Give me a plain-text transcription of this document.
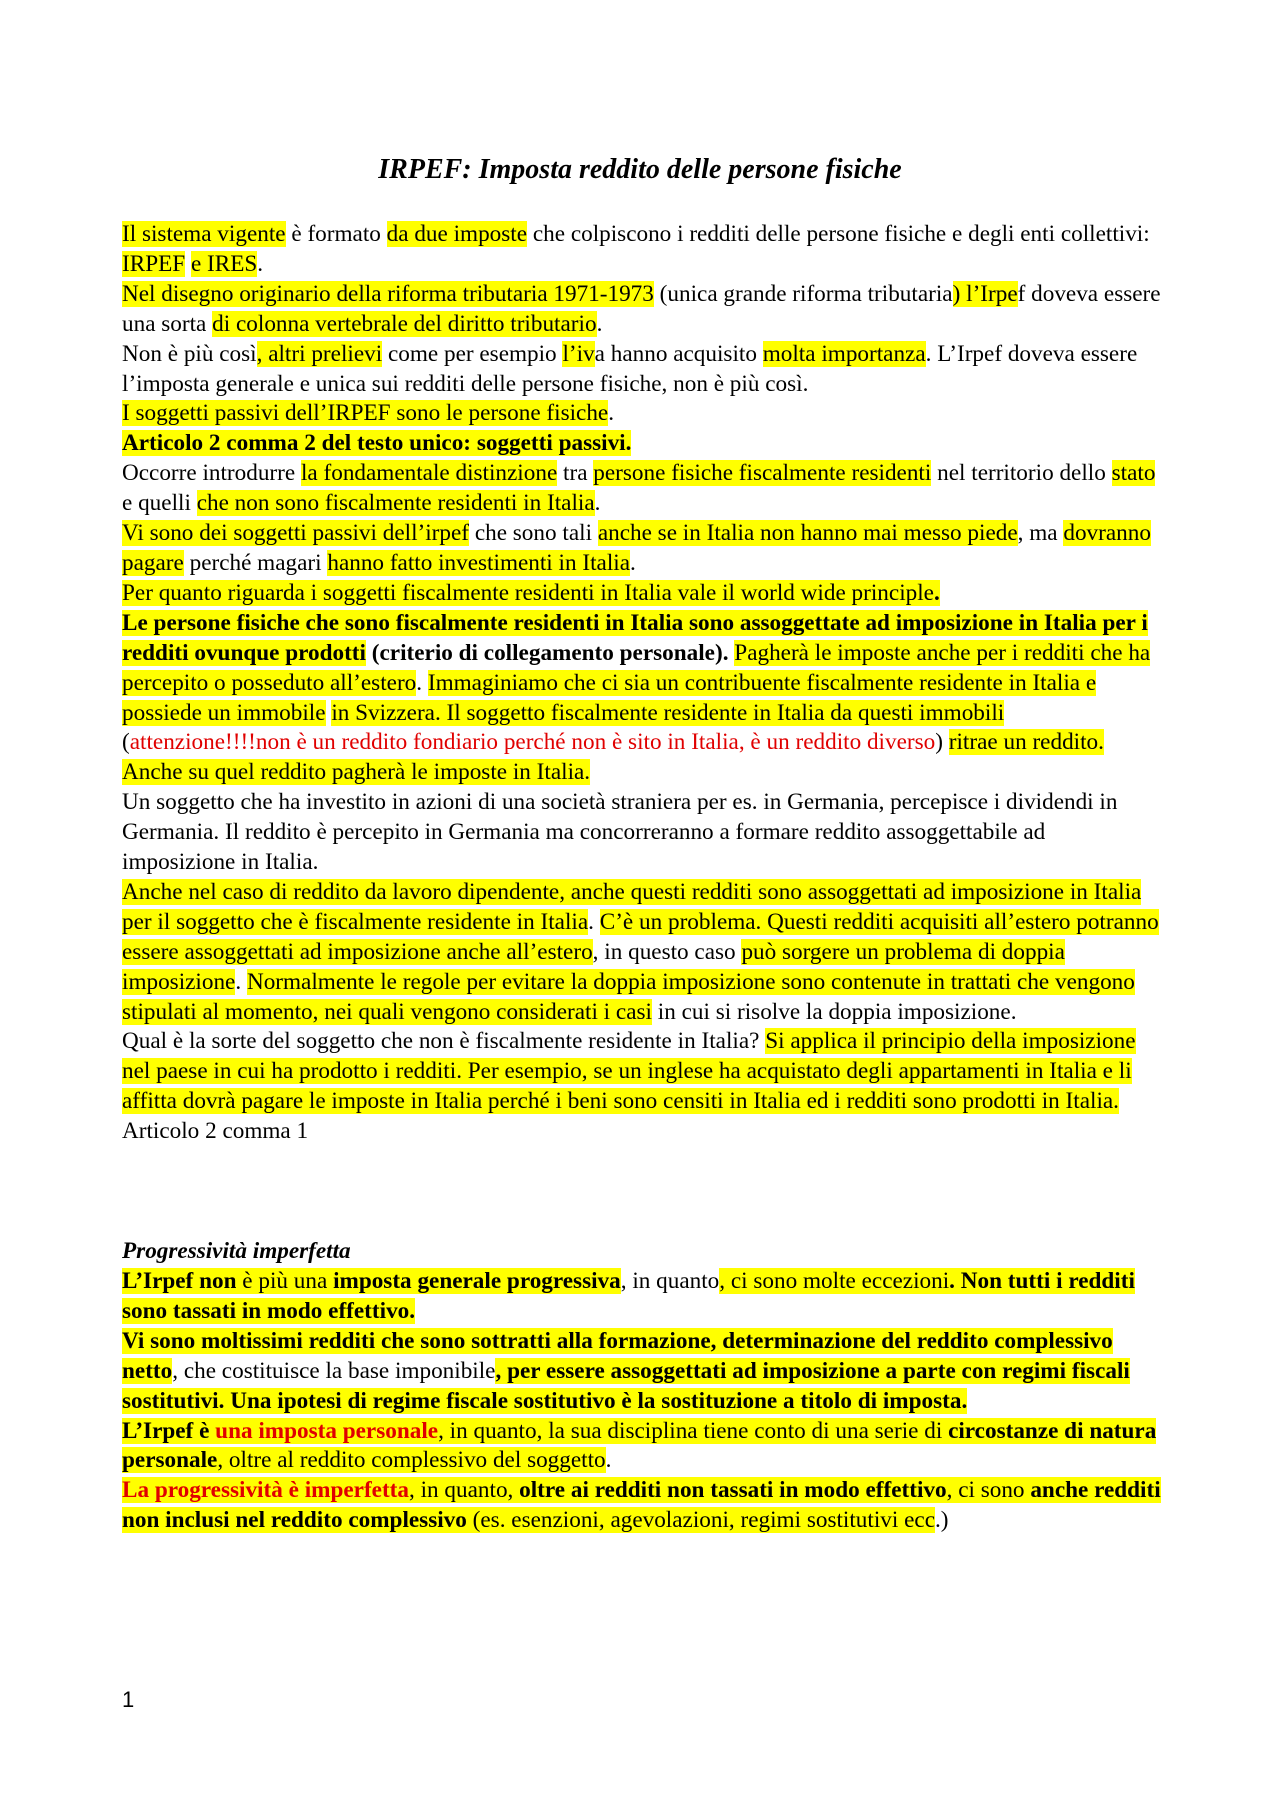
IRPEF: Imposta reddito delle persone fisiche

Il sistema vigente è formato da due imposte che colpiscono i redditi delle persone fisiche e degli enti collettivi: IRPEF e IRES.

Nel disegno originario della riforma tributaria 1971-1973 (unica grande riforma tributaria) l’Irpef doveva essere una sorta di colonna vertebrale del diritto tributario.

Non è più così, altri prelievi come per esempio l’iva hanno acquisito molta importanza. L’Irpef doveva essere l’imposta generale e unica sui redditi delle persone fisiche, non è più così.

I soggetti passivi dell’IRPEF sono le persone fisiche.

Articolo 2 comma 2 del testo unico: soggetti passivi.

Occorre introdurre la fondamentale distinzione tra persone fisiche fiscalmente residenti nel territorio dello stato e quelli che non sono fiscalmente residenti in Italia.

Vi sono dei soggetti passivi dell’irpef che sono tali anche se in Italia non hanno mai messo piede, ma dovranno pagare perché magari hanno fatto investimenti in Italia.

Per quanto riguarda i soggetti fiscalmente residenti in Italia vale il world wide principle.

Le persone fisiche che sono fiscalmente residenti in Italia sono assoggettate ad imposizione in Italia per i redditi ovunque prodotti (criterio di collegamento personale). Pagherà le imposte anche per i redditi che ha percepito o posseduto all’estero. Immaginiamo che ci sia un contribuente fiscalmente residente in Italia e possiede un immobile in Svizzera. Il soggetto fiscalmente residente in Italia da questi immobili (attenzione!!!!non è un reddito fondiario perché non è sito in Italia, è un reddito diverso) ritrae un reddito. Anche su quel reddito pagherà le imposte in Italia.

Un soggetto che ha investito in azioni di una società straniera per es. in Germania, percepisce i dividendi in Germania. Il reddito è percepito in Germania ma concorreranno a formare reddito assoggettabile ad imposizione in Italia.

Anche nel caso di reddito da lavoro dipendente, anche questi redditi sono assoggettati ad imposizione in Italia per il soggetto che è fiscalmente residente in Italia. C’è un problema. Questi redditi acquisiti all’estero potranno essere assoggettati ad imposizione anche all’estero, in questo caso può sorgere un problema di doppia imposizione. Normalmente le regole per evitare la doppia imposizione sono contenute in trattati che vengono stipulati al momento, nei quali vengono considerati i casi in cui si risolve la doppia imposizione.

Qual è la sorte del soggetto che non è fiscalmente residente in Italia? Si applica il principio della imposizione nel paese in cui ha prodotto i redditi. Per esempio, se un inglese ha acquistato degli appartamenti in Italia e li affitta dovrà pagare le imposte in Italia perché i beni sono censiti in Italia ed i redditi sono prodotti in Italia.

Articolo 2 comma 1

Progressività imperfetta

L’Irpef non è più una imposta generale progressiva, in quanto, ci sono molte eccezioni. Non tutti i redditi sono tassati in modo effettivo.

Vi sono moltissimi redditi che sono sottratti alla formazione, determinazione del reddito complessivo netto, che costituisce la base imponibile, per essere assoggettati ad imposizione a parte con regimi fiscali sostitutivi. Una ipotesi di regime fiscale sostitutivo è la sostituzione a titolo di imposta.

L’Irpef è una imposta personale, in quanto, la sua disciplina tiene conto di una serie di circostanze di natura personale, oltre al reddito complessivo del soggetto.

La progressività è imperfetta, in quanto, oltre ai redditi non tassati in modo effettivo, ci sono anche redditi non inclusi nel reddito complessivo (es. esenzioni, agevolazioni, regimi sostitutivi ecc.)

1
